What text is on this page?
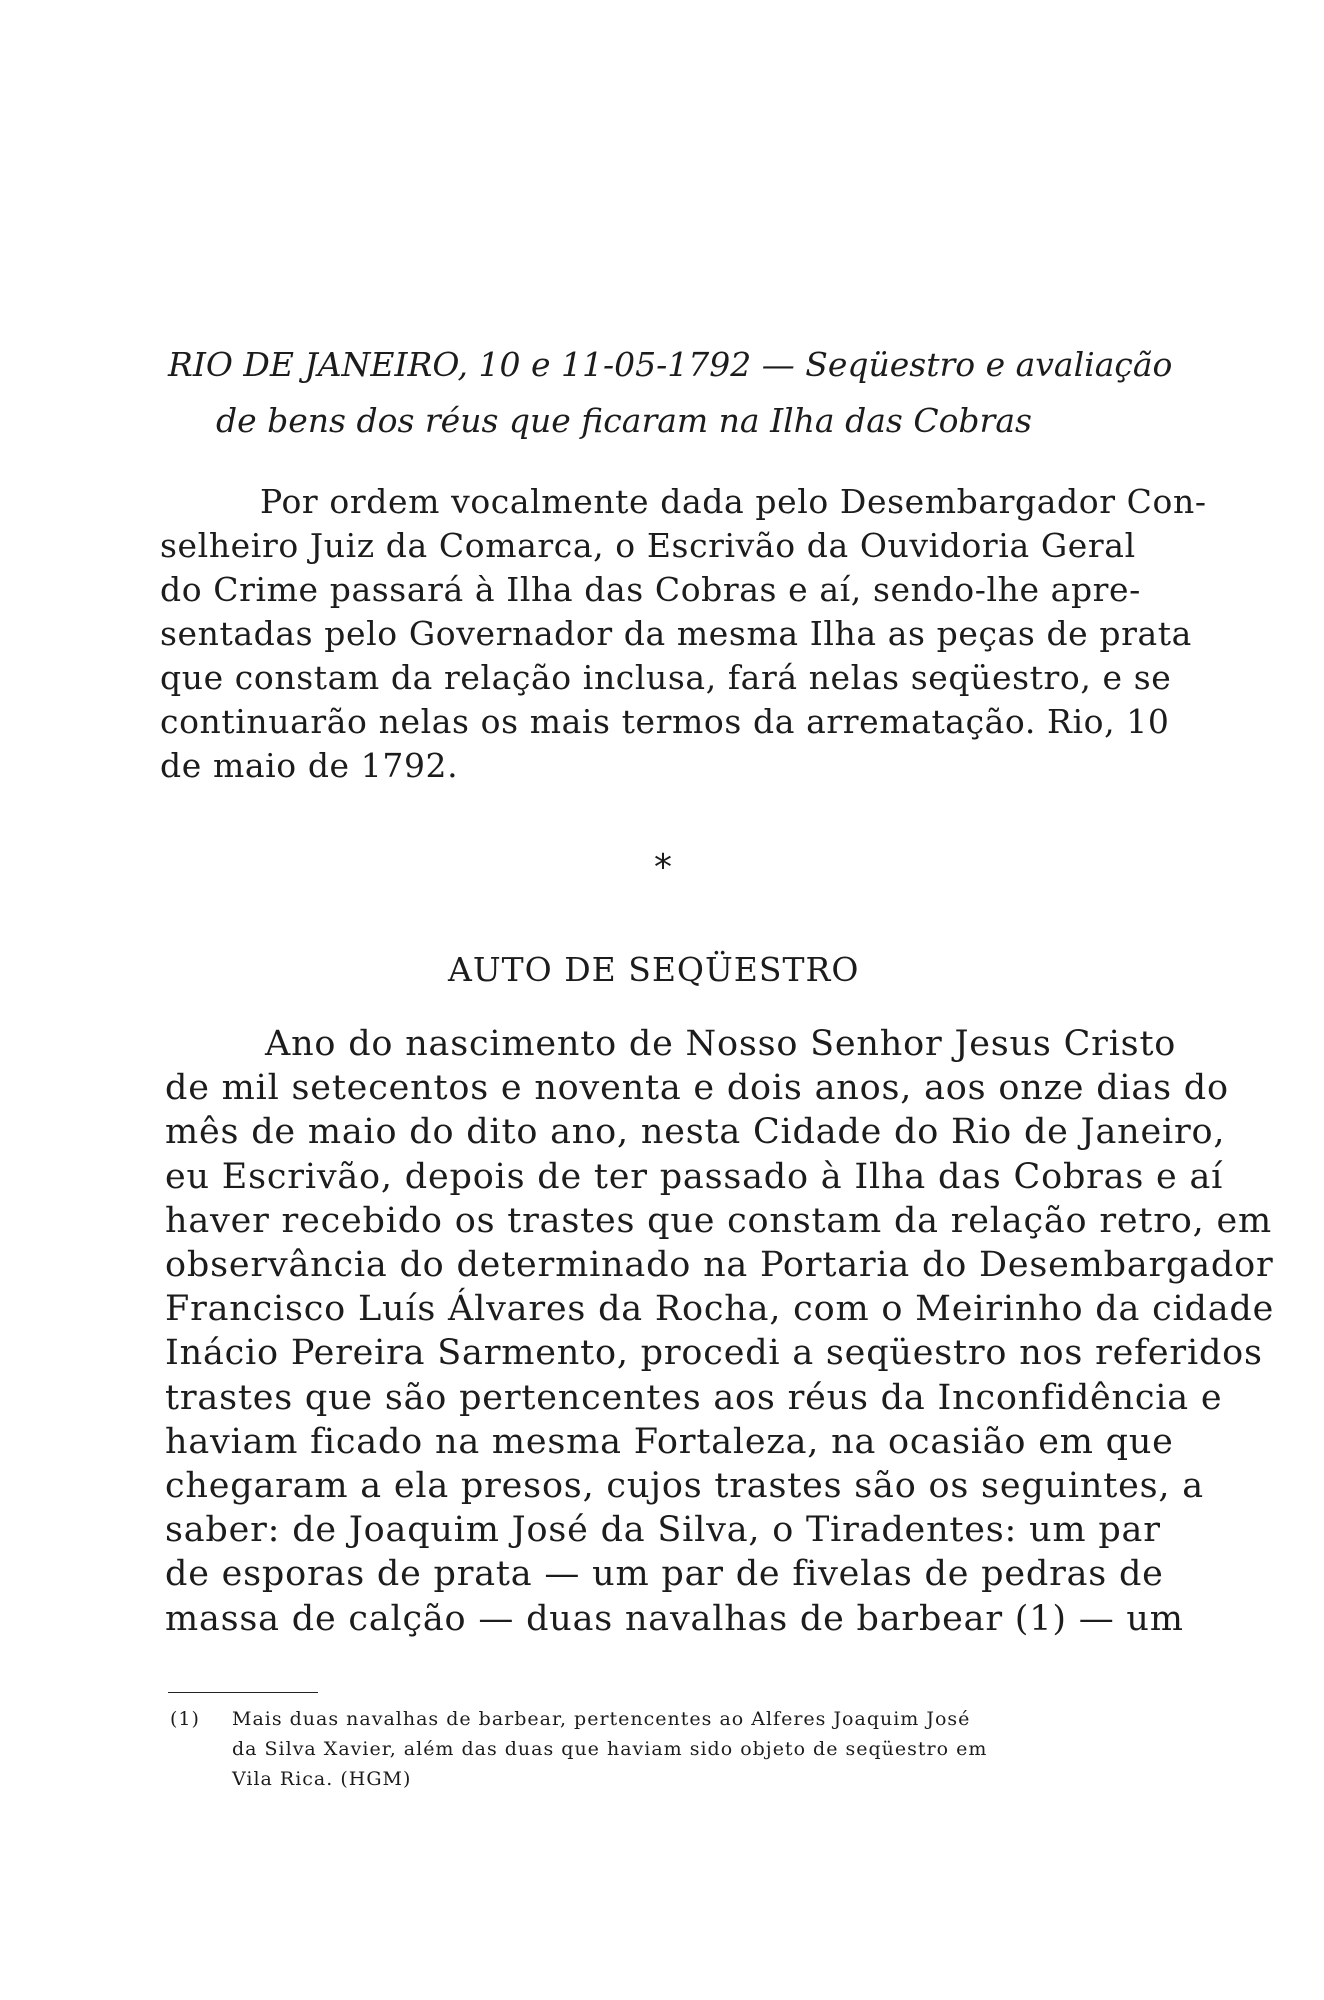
RIO DE JANEIRO, 10 e 11-05-1792 — Seqüestro e avaliação
de bens dos réus que ficaram na Ilha das Cobras

Por ordem vocalmente dada pelo Desembargador Con-
selheiro Juiz da Comarca, o Escrivão da Ouvidoria Geral
do Crime passará à Ilha das Cobras e aí, sendo-lhe apre-
sentadas pelo Governador da mesma Ilha as peças de prata
que constam da relação inclusa, fará nelas seqüestro, e se
continuarão nelas os mais termos da arrematação. Rio, 10
de maio de 1792.

*
AUTO DE SEQÜESTRO

Ano do nascimento de Nosso Senhor Jesus Cristo
de mil setecentos e noventa e dois anos, aos onze dias do
mês de maio do dito ano, nesta Cidade do Rio de Janeiro,
eu Escrivão, depois de ter passado à Ilha das Cobras e aí
haver recebido os trastes que constam da relação retro, em
observância do determinado na Portaria do Desembargador
Francisco Luís Álvares da Rocha, com o Meirinho da cidade
Inácio Pereira Sarmento, procedi a seqüestro nos referidos
trastes que são pertencentes aos réus da Inconfidência e
haviam ficado na mesma Fortaleza, na ocasião em que
chegaram a ela presos, cujos trastes são os seguintes, a
saber: de Joaquim José da Silva, o Tiradentes: um par
de esporas de prata — um par de fivelas de pedras de
massa de calção — duas navalhas de barbear (1) — um

(1) Mais duas navalhas de barbear, pertencentes ao Alferes Joaquim José
da Silva Xavier, além das duas que haviam sido objeto de seqüestro em
Vila Rica. (HGM)
